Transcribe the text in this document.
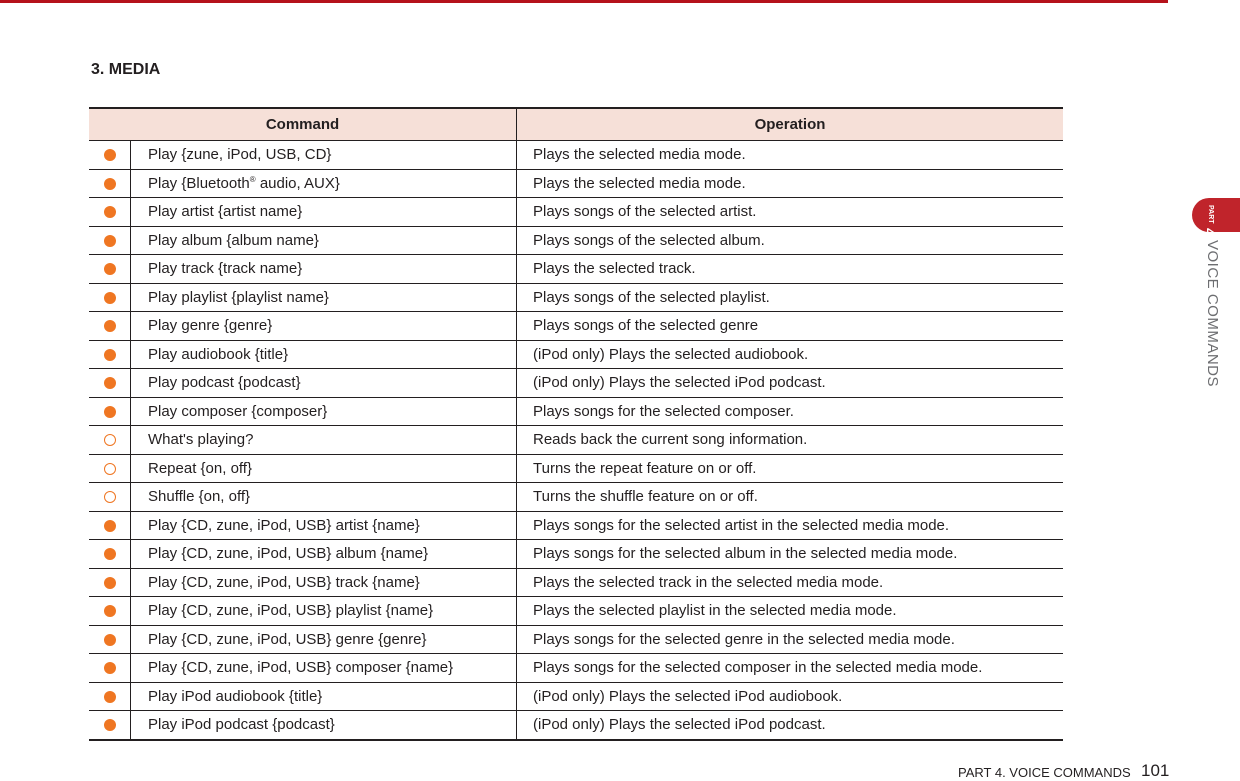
3. MEDIA
Command		Operation
	Play {zune, iPod, USB, CD}	Plays the selected media mode.
	Play {Bluetooth® audio, AUX}	Plays the selected media mode.
	Play artist {artist name}	Plays songs of the selected artist.
	Play album {album name}	Plays songs of the selected album.
	Play track {track name}	Plays the selected track.
	Play playlist {playlist name}	Plays songs of the selected playlist.
	Play genre {genre}	Plays songs of the selected genre
	Play audiobook {title}	(iPod only) Plays the selected audiobook.
	Play podcast {podcast}	(iPod only) Plays the selected iPod podcast.
	Play composer {composer}	Plays songs for the selected composer.
	What's playing?	Reads back the current song information.
	Repeat {on, off}	Turns the repeat feature on or off.
	Shuffle {on, off}	Turns the shuffle feature on or off.
	Play {CD, zune, iPod, USB} artist {name}	Plays songs for the selected artist in the selected media mode.
	Play {CD, zune, iPod, USB} album {name}	Plays songs for the selected album in the selected media mode.
	Play {CD, zune, iPod, USB} track {name}	Plays the selected track in the selected media mode.
	Play {CD, zune, iPod, USB} playlist {name}	Plays the selected playlist in the selected media mode.
	Play {CD, zune, iPod, USB} genre {genre}	Plays songs for the selected genre in the selected media mode.
	Play {CD, zune, iPod, USB} composer {name}	Plays songs for the selected composer in the selected media mode.
	Play iPod audiobook {title}	(iPod only) Plays the selected iPod audiobook.
	Play iPod podcast {podcast}	(iPod only) Plays the selected iPod podcast.
PART 4
VOICE COMMANDS
PART 4. VOICE COMMANDS 101
